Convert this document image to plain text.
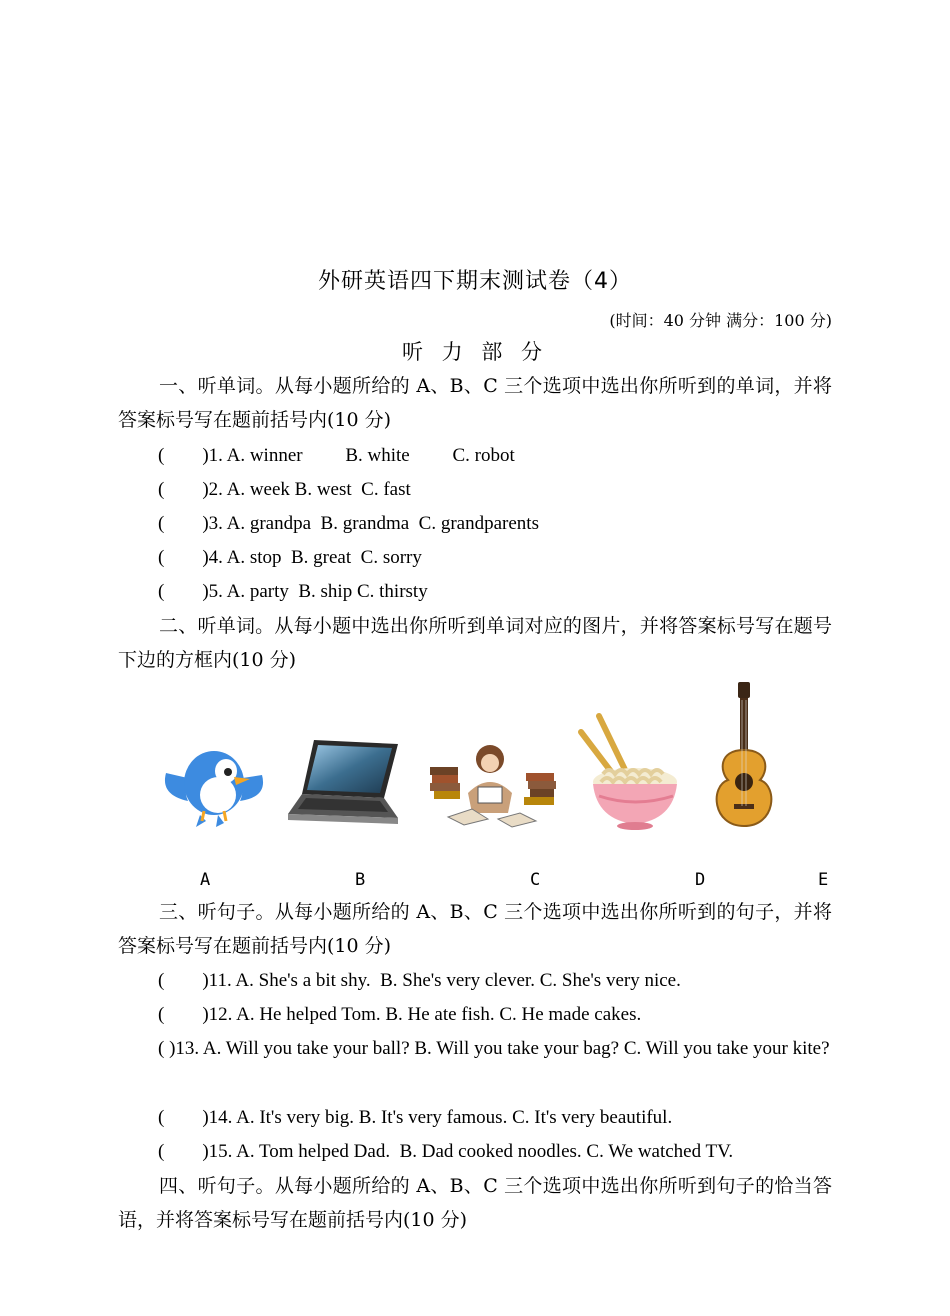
外研英语四下期末测试卷（4）
(时间：40 分钟 满分：100 分)
听 力 部 分
一、听单词。从每小题所给的 A、B、C 三个选项中选出你所听到的单词，并将答案标号写在题前括号内(10 分)
(        )1. A. winner         B. white         C. robot
(        )2. A. week B. west  C. fast
(        )3. A. grandpa  B. grandma  C. grandparents
(        )4. A. stop  B. great  C. sorry
(        )5. A. party  B. ship C. thirsty
二、听单词。从每小题中选出你所听到单词对应的图片，并将答案标号写在题号下边的方框内(10 分)
A	B	C	D	E
三、听句子。从每小题所给的 A、B、C 三个选项中选出你所听到的句子，并将答案标号写在题前括号内(10 分)
(        )11. A. She's a bit shy.  B. She's very clever. C. She's very nice.
(        )12. A. He helped Tom. B. He ate fish. C. He made cakes.
( )13. A. Will you take your ball? B. Will you take your bag? C. Will you take your kite?
(        )14. A. It's very big. B. It's very famous. C. It's very beautiful.
(        )15. A. Tom helped Dad.  B. Dad cooked noodles. C. We watched TV.
四、听句子。从每小题所给的 A、B、C 三个选项中选出你所听到句子的恰当答语，并将答案标号写在题前括号内(10 分)
